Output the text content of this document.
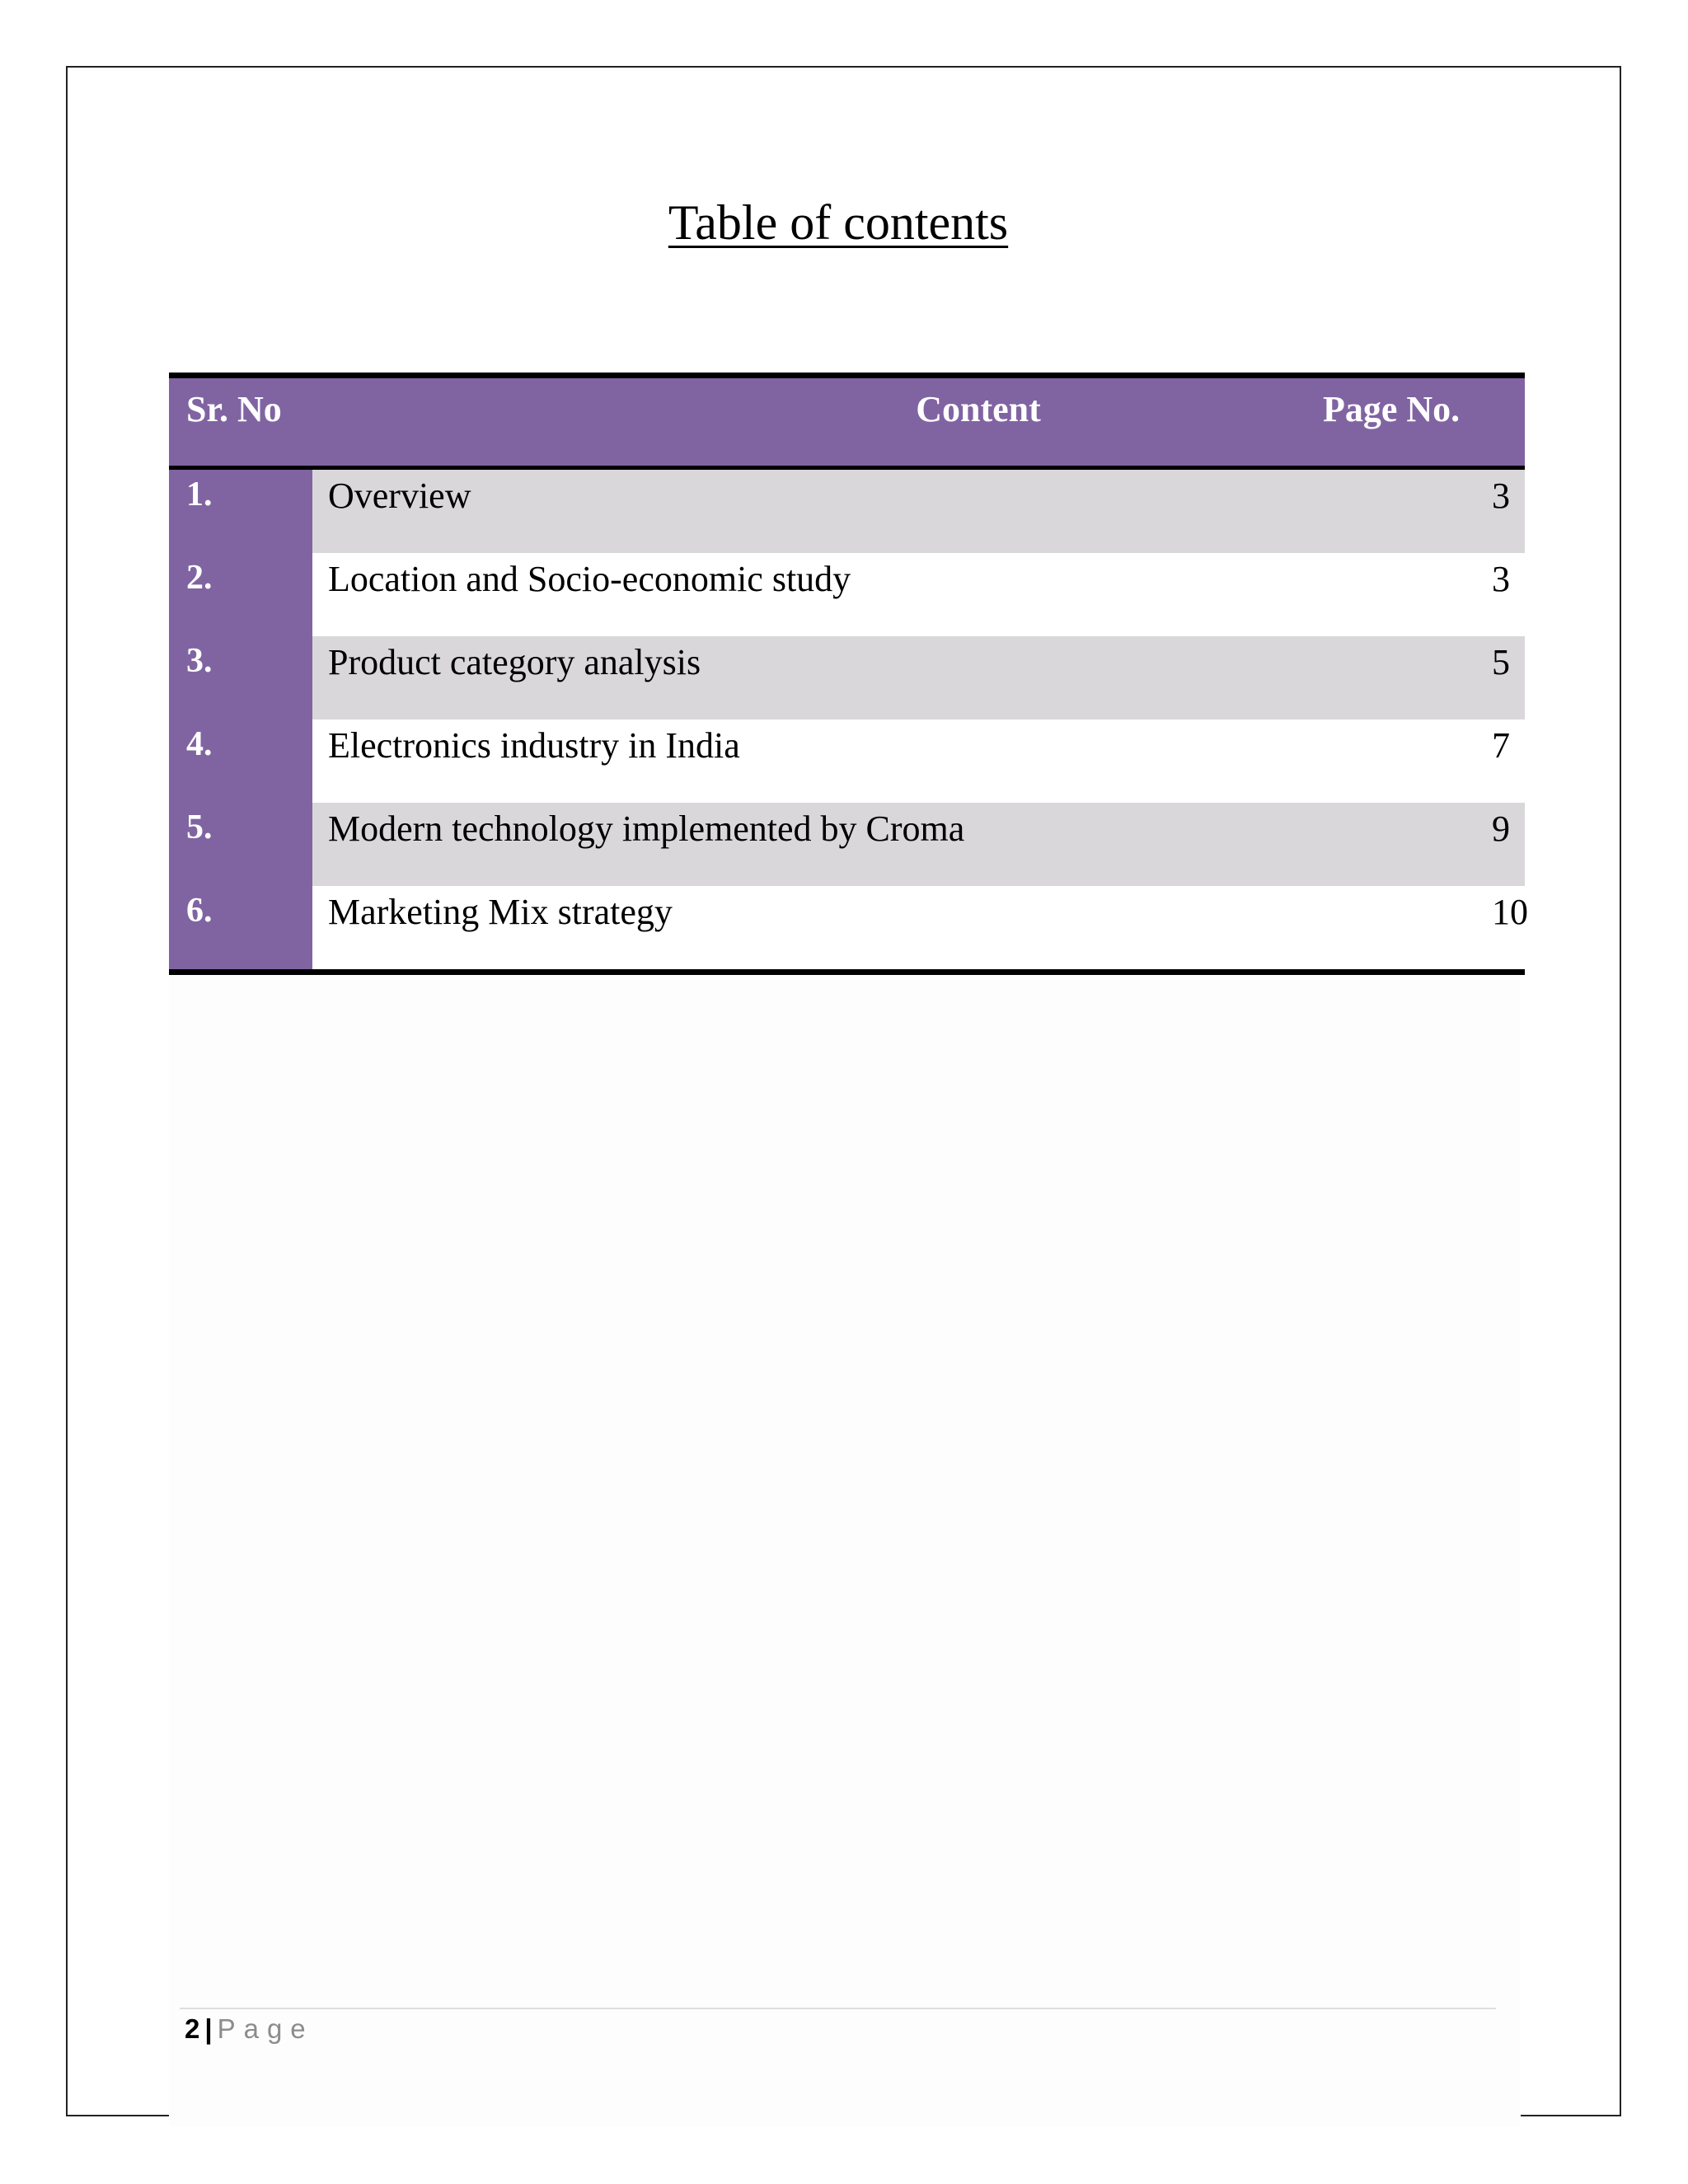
Table of contents
Sr. No	Content	Page No.
1.	Overview	3
2.	Location and Socio-economic study	3
3.	Product category analysis	5
4.	Electronics industry in India	7
5.	Modern technology implemented by Croma	9
6.	Marketing Mix strategy	10
2 | Page
